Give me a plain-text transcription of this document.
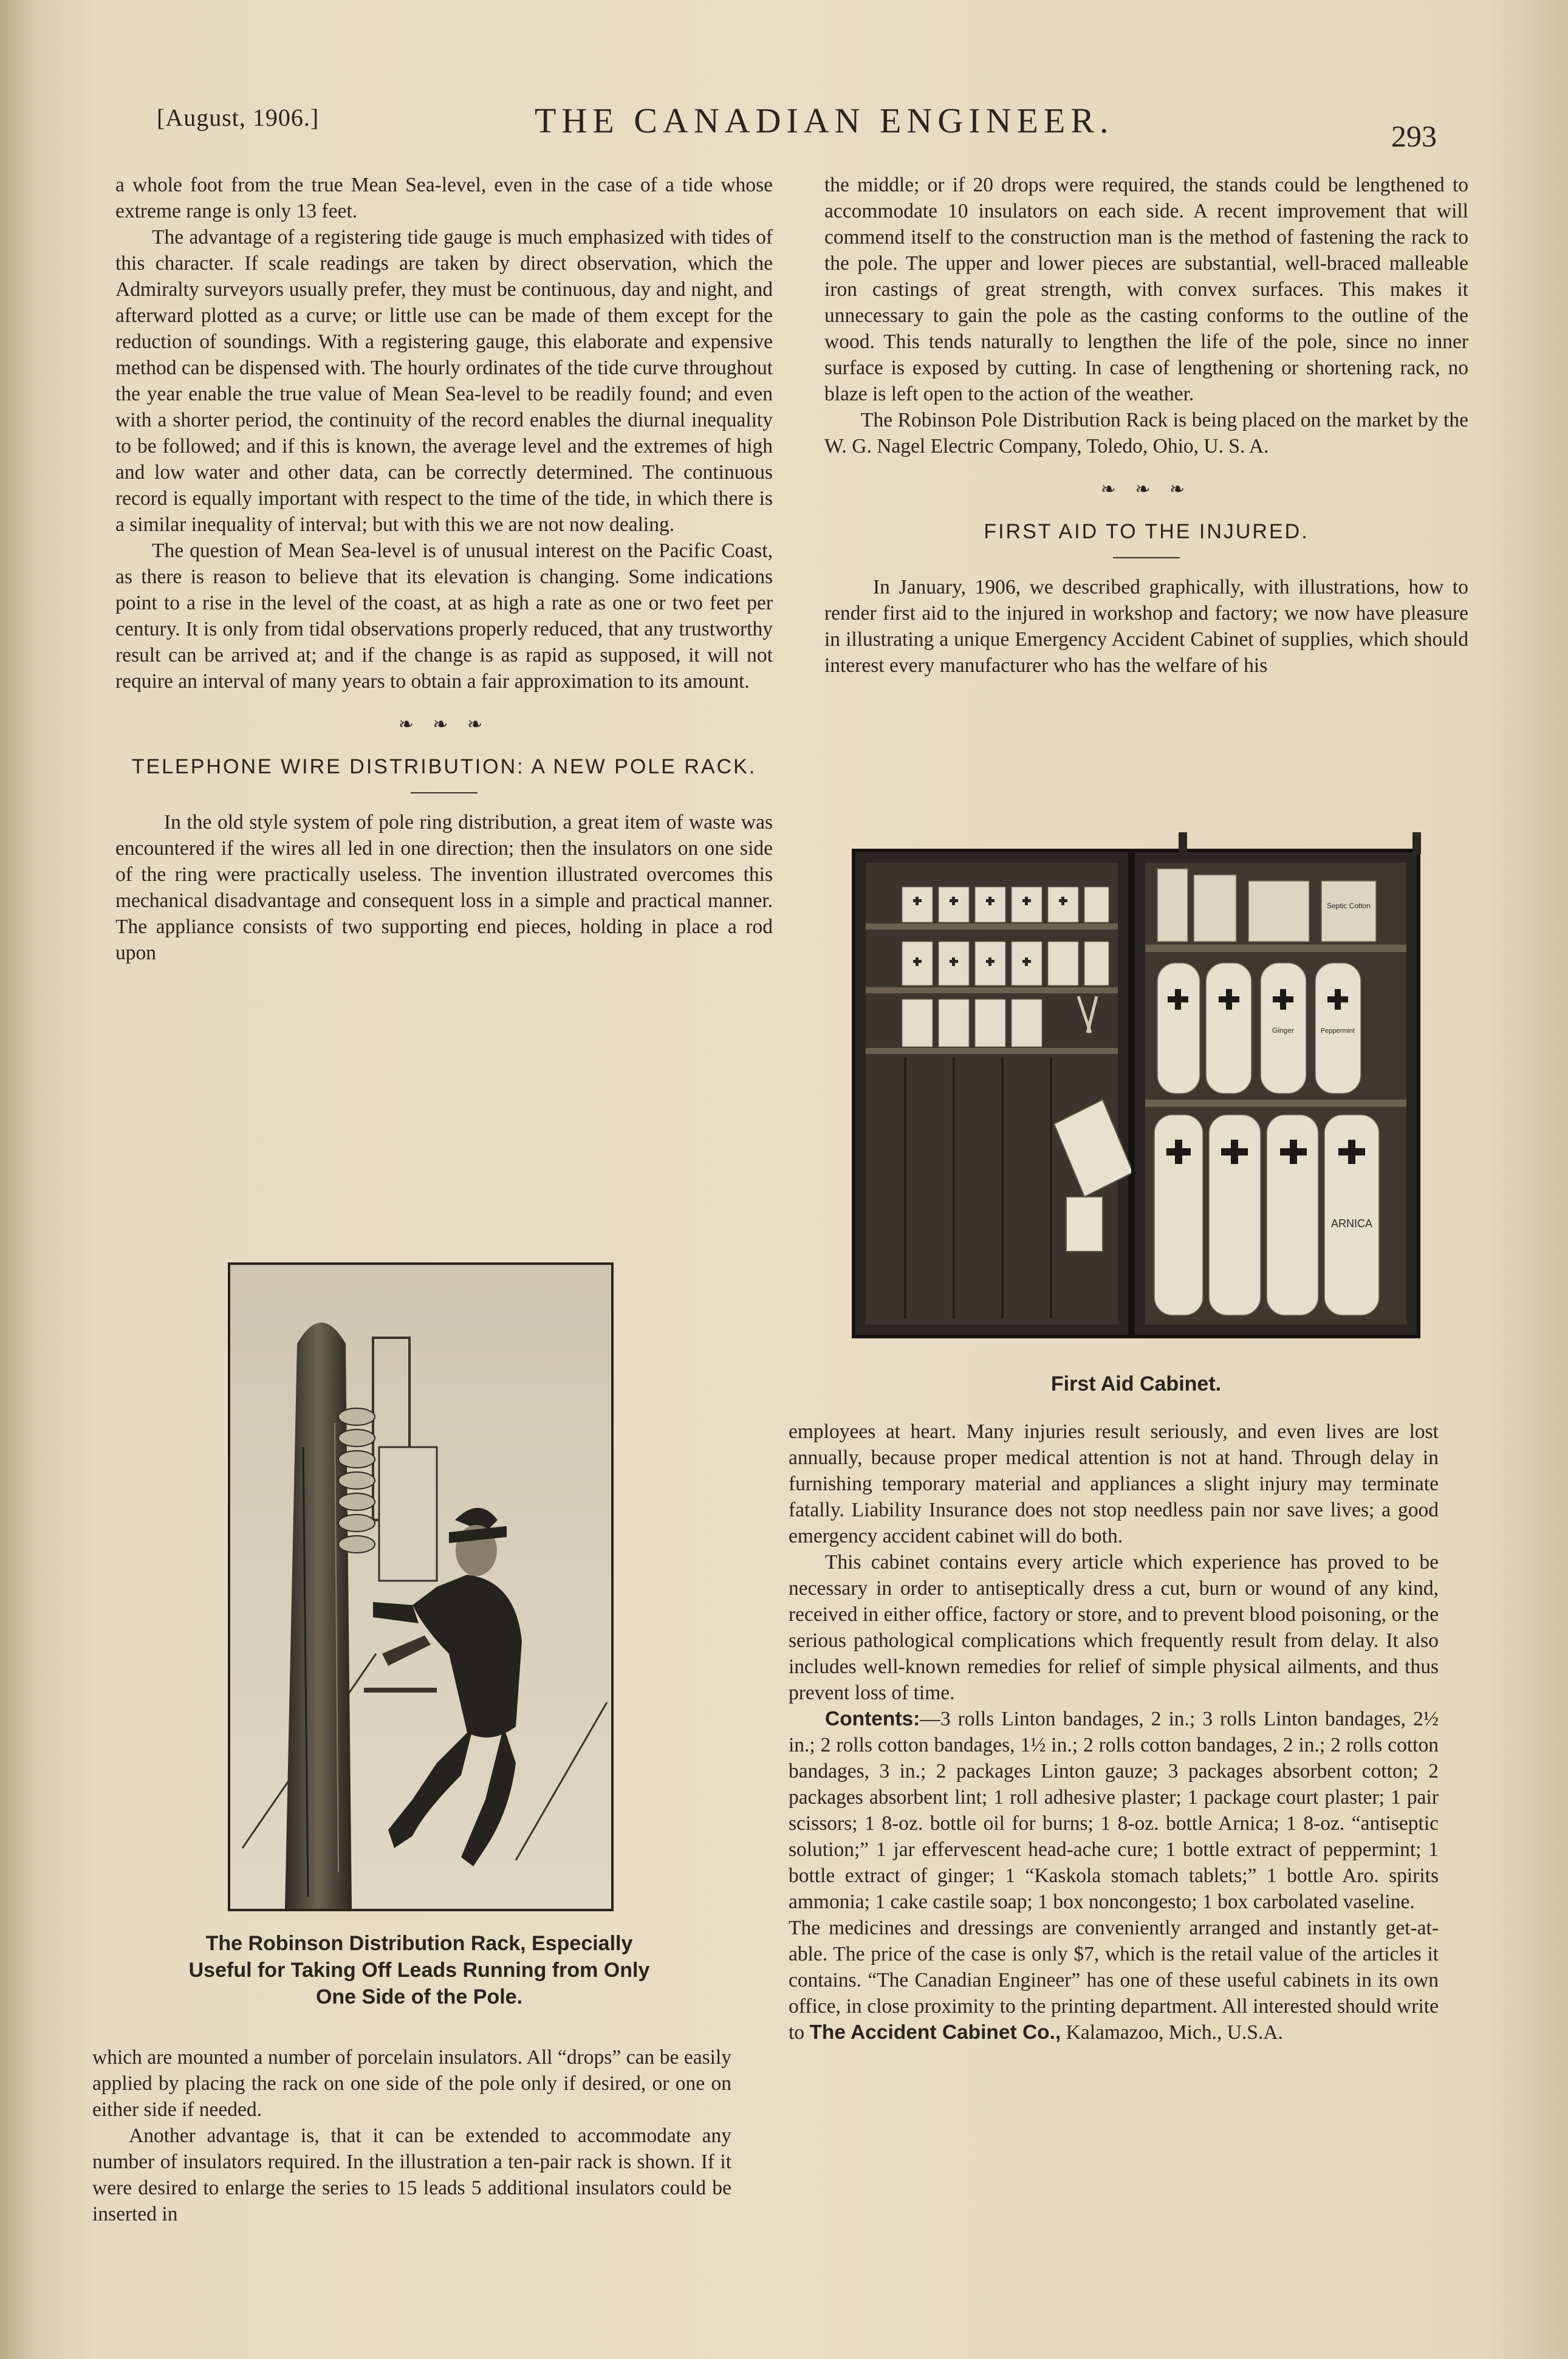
[August, 1906.]	THE CANADIAN ENGINEER.	293

a whole foot from the true Mean Sea-level, even in the case of a tide whose extreme range is only 13 feet.

The advantage of a registering tide gauge is much emphasized with tides of this character. If scale readings are taken by direct observation, which the Admiralty surveyors usually prefer, they must be continuous, day and night, and afterward plotted as a curve; or little use can be made of them except for the reduction of soundings. With a registering gauge, this elaborate and expensive method can be dispensed with. The hourly ordinates of the tide curve throughout the year enable the true value of Mean Sea-level to be readily found; and even with a shorter period, the continuity of the record enables the diurnal inequality to be followed; and if this is known, the average level and the extremes of high and low water and other data, can be correctly determined. The continuous record is equally important with respect to the time of the tide, in which there is a similar inequality of interval; but with this we are not now dealing.

The question of Mean Sea-level is of unusual interest on the Pacific Coast, as there is reason to believe that its elevation is changing. Some indications point to a rise in the level of the coast, at as high a rate as one or two feet per century. It is only from tidal observations properly reduced, that any trustworthy result can be arrived at; and if the change is as rapid as supposed, it will not require an interval of many years to obtain a fair approximation to its amount.

❧ ❧ ❧
TELEPHONE WIRE DISTRIBUTION: A NEW POLE RACK.

In the old style system of pole ring distribution, a great item of waste was encountered if the wires all led in one direction; then the insulators on one side of the ring were practically useless. The invention illustrated overcomes this mechanical disadvantage and consequent loss in a simple and practical manner. The appliance consists of two supporting end pieces, holding in place a rod upon

The Robinson Distribution Rack, Especially Useful for Taking Off Leads Running from Only One Side of the Pole.

which are mounted a number of porcelain insulators. All “drops” can be easily applied by placing the rack on one side of the pole only if desired, or one on either side if needed.

Another advantage is, that it can be extended to accommodate any number of insulators required. In the illustration a ten-pair rack is shown. If it were desired to enlarge the series to 15 leads 5 additional insulators could be inserted in

the middle; or if 20 drops were required, the stands could be lengthened to accommodate 10 insulators on each side. A recent improvement that will commend itself to the construction man is the method of fastening the rack to the pole. The upper and lower pieces are substantial, well-braced malleable iron castings of great strength, with convex surfaces. This makes it unnecessary to gain the pole as the casting conforms to the outline of the wood. This tends naturally to lengthen the life of the pole, since no inner surface is exposed by cutting. In case of lengthening or shortening rack, no blaze is left open to the action of the weather.

The Robinson Pole Distribution Rack is being placed on the market by the W. G. Nagel Electric Company, Toledo, Ohio, U. S. A.

❧ ❧ ❧
FIRST AID TO THE INJURED.

In January, 1906, we described graphically, with illustrations, how to render first aid to the injured in workshop and factory; we now have pleasure in illustrating a unique Emergency Accident Cabinet of supplies, which should interest every manufacturer who has the welfare of his

Septic Cotton
Ginger	Peppermint
ARNICA
First Aid Cabinet.

employees at heart. Many injuries result seriously, and even lives are lost annually, because proper medical attention is not at hand. Through delay in furnishing temporary material and appliances a slight injury may terminate fatally. Liability Insurance does not stop needless pain nor save lives; a good emergency accident cabinet will do both.

This cabinet contains every article which experience has proved to be necessary in order to antiseptically dress a cut, burn or wound of any kind, received in either office, factory or store, and to prevent blood poisoning, or the serious pathological complications which frequently result from delay. It also includes well-known remedies for relief of simple physical ailments, and thus prevent loss of time.

Contents:—3 rolls Linton bandages, 2 in.; 3 rolls Linton bandages, 2½ in.; 2 rolls cotton bandages, 1½ in.; 2 rolls cotton bandages, 2 in.; 2 rolls cotton bandages, 3 in.; 2 packages Linton gauze; 3 packages absorbent cotton; 2 packages absorbent lint; 1 roll adhesive plaster; 1 package court plaster; 1 pair scissors; 1 8-oz. bottle oil for burns; 1 8-oz. bottle Arnica; 1 8-oz. “antiseptic solution;” 1 jar effervescent head-ache cure; 1 bottle extract of peppermint; 1 bottle extract of ginger; 1 “Kaskola stomach tablets;” 1 bottle Aro. spirits ammonia; 1 cake castile soap; 1 box noncongesto; 1 box carbolated vaseline.

The medicines and dressings are conveniently arranged and instantly get-at-able. The price of the case is only $7, which is the retail value of the articles it contains. “The Canadian Engineer” has one of these useful cabinets in its own office, in close proximity to the printing department. All interested should write to The Accident Cabinet Co., Kalamazoo, Mich., U.S.A.
